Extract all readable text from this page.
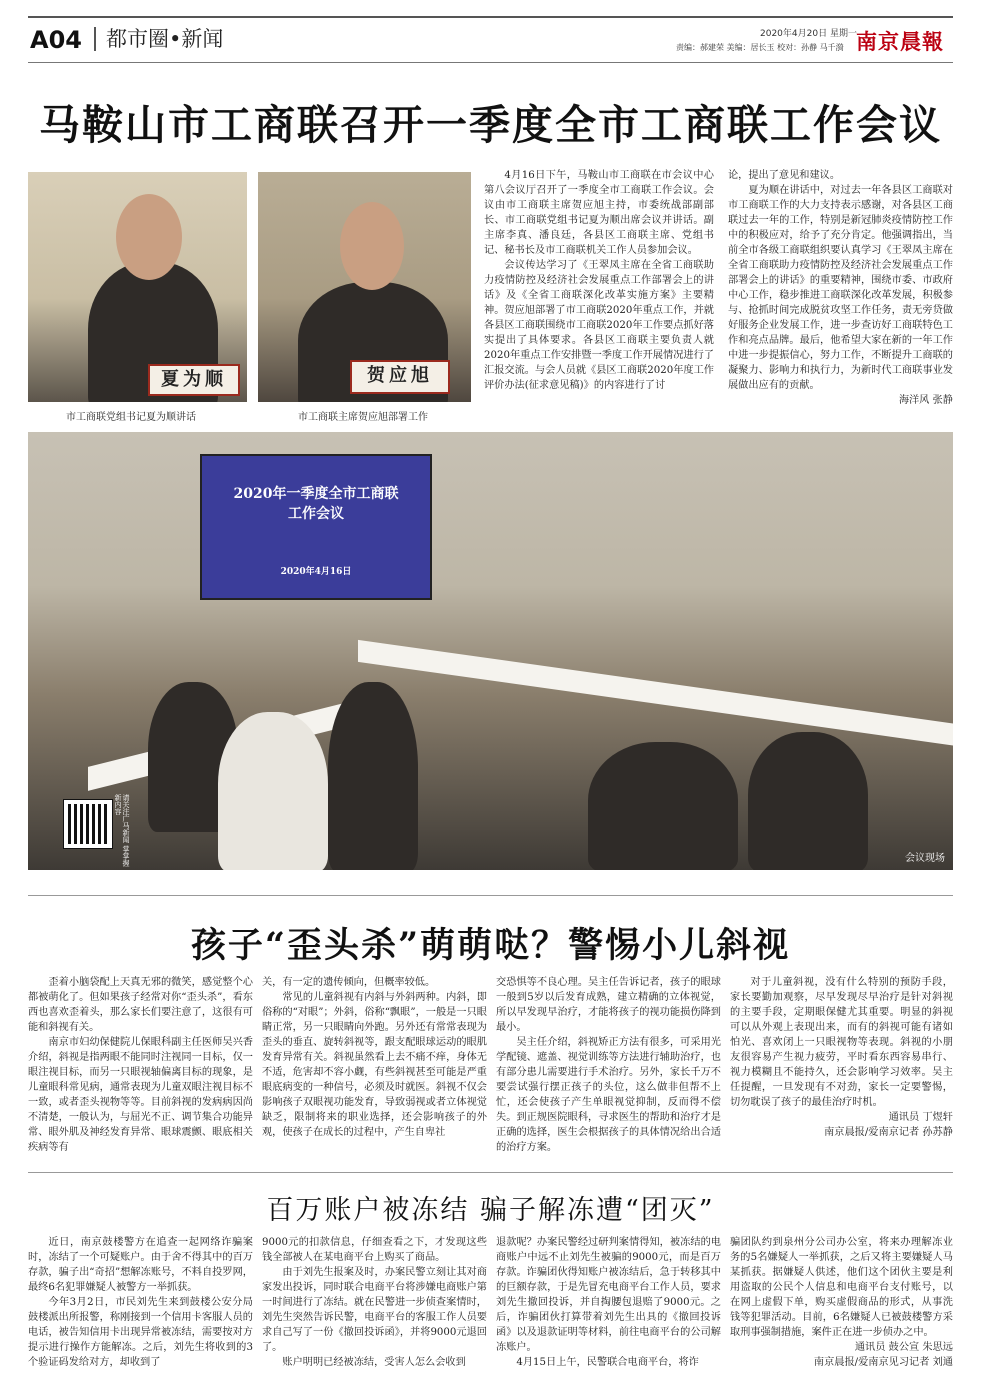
A04	都市圈•新闻	2020年4月20日 星期一
责编：郝建荣 美编：居长玉 校对：孙静 马千漪 南京晨報
马鞍山市工商联召开一季度全市工商联工作会议
夏为顺
市工商联党组书记夏为顺讲话
贺应旭
市工商联主席贺应旭部署工作

4月16日下午，马鞍山市工商联在市会议中心第八会议厅召开了一季度全市工商联工作会议。会议由市工商联主席贺应旭主持，市委统战部副部长、市工商联党组书记夏为顺出席会议并讲话。副主席李真、潘良廷，各县区工商联主席、党组书记、秘书长及市工商联机关工作人员参加会议。

会议传达学习了《王翠凤主席在全省工商联助力疫情防控及经济社会发展重点工作部署会上的讲话》及《全省工商联深化改革实施方案》主要精神。贺应旭部署了市工商联2020年重点工作，并就各县区工商联围绕市工商联2020年工作要点抓好落实提出了具体要求。各县区工商联主要负责人就2020年重点工作安排暨一季度工作开展情况进行了汇报交流。与会人员就《县区工商联2020年度工作评价办法(征求意见稿)》的内容进行了讨

论，提出了意见和建议。

夏为顺在讲话中，对过去一年各县区工商联对市工商联工作的大力支持表示感谢，对各县区工商联过去一年的工作，特别是新冠肺炎疫情防控工作中的积极应对，给予了充分肯定。他强调指出，当前全市各级工商联组织要认真学习《王翠凤主席在全省工商联助力疫情防控及经济社会发展重点工作部署会上的讲话》的重要精神，围绕市委、市政府中心工作，稳步推进工商联深化改革发展，积极参与、抢抓时间完成脱贫攻坚工作任务，责无旁贷做好服务企业发展工作，进一步查访好工商联特色工作和亮点品牌。最后，他希望大家在新的一年工作中进一步提振信心，努力工作，不断提升工商联的凝聚力、影响力和执行力，为新时代工商联事业发展做出应有的贡献。

海洋风 张静

2020年一季度全市工商联
工作会议
2020年4月16日
请关注广马新闻 掌掌握新内容
会议现场
孩子“歪头杀”萌萌哒？警惕小儿斜视

歪着小脑袋配上天真无邪的微笑，感觉整个心都被萌化了。但如果孩子经常对你“歪头杀”，看东西也喜欢歪着头，那么家长们要注意了，这很有可能和斜视有关。

南京市妇幼保健院儿保眼科副主任医师吴兴香介绍，斜视是指两眼不能同时注视同一目标，仅一眼注视目标，而另一只眼视轴偏离目标的现象，是儿童眼科常见病，通常表现为儿童双眼注视目标不一致，或者歪头视物等等。目前斜视的发病病因尚不清楚，一般认为，与屈光不正、调节集合功能异常、眼外肌及神经发育异常、眼球震颤、眼底相关疾病等有

关，有一定的遗传倾向，但概率较低。

常见的儿童斜视有内斜与外斜两种。内斜，即俗称的“对眼”；外斜，俗称“飘眼”，一般是一只眼睛正常，另一只眼睛向外跑。另外还有常常表现为歪头的垂直、旋转斜视等，跟支配眼球运动的眼肌发育异常有关。斜视虽然看上去不痛不痒，身体无不适，危害却不容小觑，有些斜视甚至可能是严重眼底病变的一种信号，必须及时就医。斜视不仅会影响孩子双眼视功能发育，导致弱视或者立体视觉缺乏，限制将来的职业选择，还会影响孩子的外观，使孩子在成长的过程中，产生自卑社

交恐惧等不良心理。吴主任告诉记者，孩子的眼球一般到5岁以后发育成熟，建立精确的立体视觉，所以早发现早治疗，才能将孩子的视功能损伤降到最小。

吴主任介绍，斜视矫正方法有很多，可采用光学配镜、遮盖、视觉训练等方法进行辅助治疗，也有部分患儿需要进行手术治疗。另外，家长千万不要尝试强行摆正孩子的头位，这么做非但帮不上忙，还会使孩子产生单眼视觉抑制，反而得不偿失。到正规医院眼科，寻求医生的帮助和治疗才是正确的选择，医生会根据孩子的具体情况给出合适的治疗方案。

对于儿童斜视，没有什么特别的预防手段，家长要勤加观察，尽早发现尽早治疗是针对斜视的主要手段，定期眼保健尤其重要。明显的斜视可以从外观上表现出来，而有的斜视可能有诸如怕光、喜欢闭上一只眼视物等表现。斜视的小朋友很容易产生视力疲劳，平时看东西容易串行、视力模糊且不能持久，还会影响学习效率。吴主任提醒，一旦发现有不对劲，家长一定要警惕，切勿耽误了孩子的最佳治疗时机。

通讯员 丁煜轩

南京晨报/爱南京记者 孙苏静

百万账户被冻结 骗子解冻遭“团灭”

近日，南京鼓楼警方在追查一起网络诈骗案时，冻结了一个可疑账户。由于舍不得其中的百万存款，骗子出“奇招”想解冻账号，不料自投罗网，最终6名犯罪嫌疑人被警方一举抓获。

今年3月2日，市民刘先生来到鼓楼公安分局鼓楼派出所报警，称刚接到一个信用卡客服人员的电话，被告知信用卡出现异常被冻结，需要按对方提示进行操作方能解冻。之后，刘先生将收到的3个验证码发给对方，却收到了

9000元的扣款信息，仔细查看之下，才发现这些钱全部被人在某电商平台上购买了商品。

由于刘先生报案及时，办案民警立刻让其对商家发出投诉，同时联合电商平台将涉嫌电商账户第一时间进行了冻结。就在民警进一步侦查案情时，刘先生突然告诉民警，电商平台的客服工作人员要求自己写了一份《撤回投诉函》，并将9000元退回了。

账户明明已经被冻结，受害人怎么会收到

退款呢？办案民警经过研判案情得知，被冻结的电商账户中远不止刘先生被骗的9000元，而是百万存款。诈骗团伙得知账户被冻结后，急于转移其中的巨额存款，于是先冒充电商平台工作人员，要求刘先生撤回投诉，并自掏腰包退赔了9000元。之后，诈骗团伙打算带着刘先生出具的《撤回投诉函》以及退款证明等材料，前往电商平台的公司解冻账户。

4月15日上午，民警联合电商平台，将诈

骗团队约到泉州分公司办公室，将来办理解冻业务的5名嫌疑人一举抓获，之后又将主要嫌疑人马某抓获。据嫌疑人供述，他们这个团伙主要是利用盗取的公民个人信息和电商平台支付账号，以在网上虚假下单，购买虚假商品的形式，从事洗钱等犯罪活动。目前，6名嫌疑人已被鼓楼警方采取刑事强制措施，案件正在进一步侦办之中。

通讯员 鼓公宣 朱思远

南京晨报/爱南京见习记者 刘通
